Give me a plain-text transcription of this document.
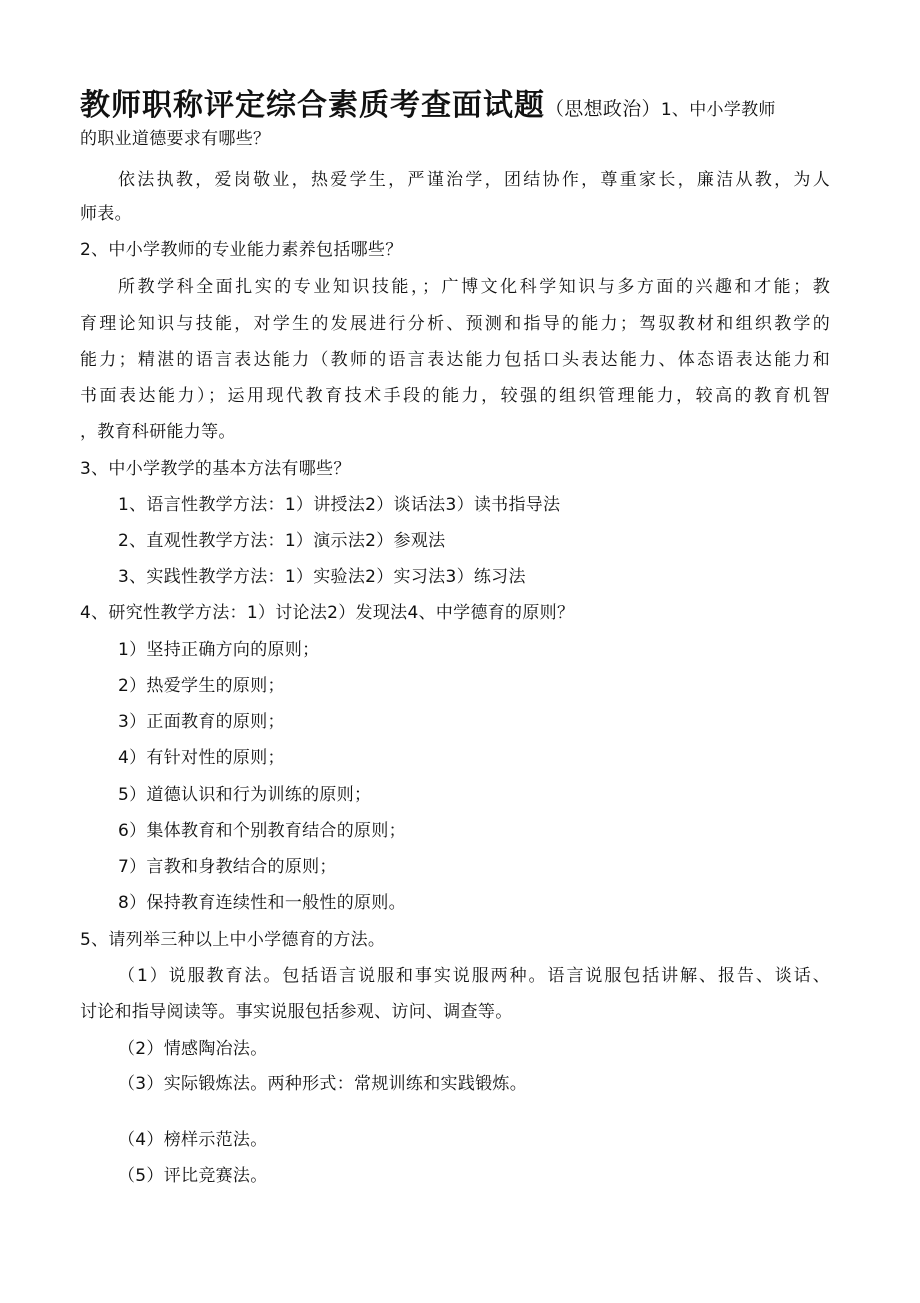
教师职称评定综合素质考查面试题（思想政治）1、中小学教师
的职业道德要求有哪些？
依法执教，爱岗敬业，热爱学生，严谨治学，团结协作，尊重家长，廉洁从教，为人
师表。
2、中小学教师的专业能力素养包括哪些？
所教学科全面扎实的专业知识技能，；广博文化科学知识与多方面的兴趣和才能；教
育理论知识与技能，对学生的发展进行分析、预测和指导的能力；驾驭教材和组织教学的
能力；精湛的语言表达能力（教师的语言表达能力包括口头表达能力、体态语表达能力和
书面表达能力）；运用现代教育技术手段的能力，较强的组织管理能力，较高的教育机智
，教育科研能力等。
3、中小学教学的基本方法有哪些？
1、语言性教学方法：1）讲授法2）谈话法3）读书指导法
2、直观性教学方法：1）演示法2）参观法
3、实践性教学方法：1）实验法2）实习法3）练习法
4、研究性教学方法：1）讨论法2）发现法4、中学德育的原则？
1）坚持正确方向的原则；
2）热爱学生的原则；
3）正面教育的原则；
4）有针对性的原则；
5）道德认识和行为训练的原则；
6）集体教育和个别教育结合的原则；
7）言教和身教结合的原则；
8）保持教育连续性和一般性的原则。
5、请列举三种以上中小学德育的方法。
（1）说服教育法。包括语言说服和事实说服两种。语言说服包括讲解、报告、谈话、
讨论和指导阅读等。事实说服包括参观、访问、调查等。
（2）情感陶冶法。
（3）实际锻炼法。两种形式：常规训练和实践锻炼。
（4）榜样示范法。
（5）评比竞赛法。
